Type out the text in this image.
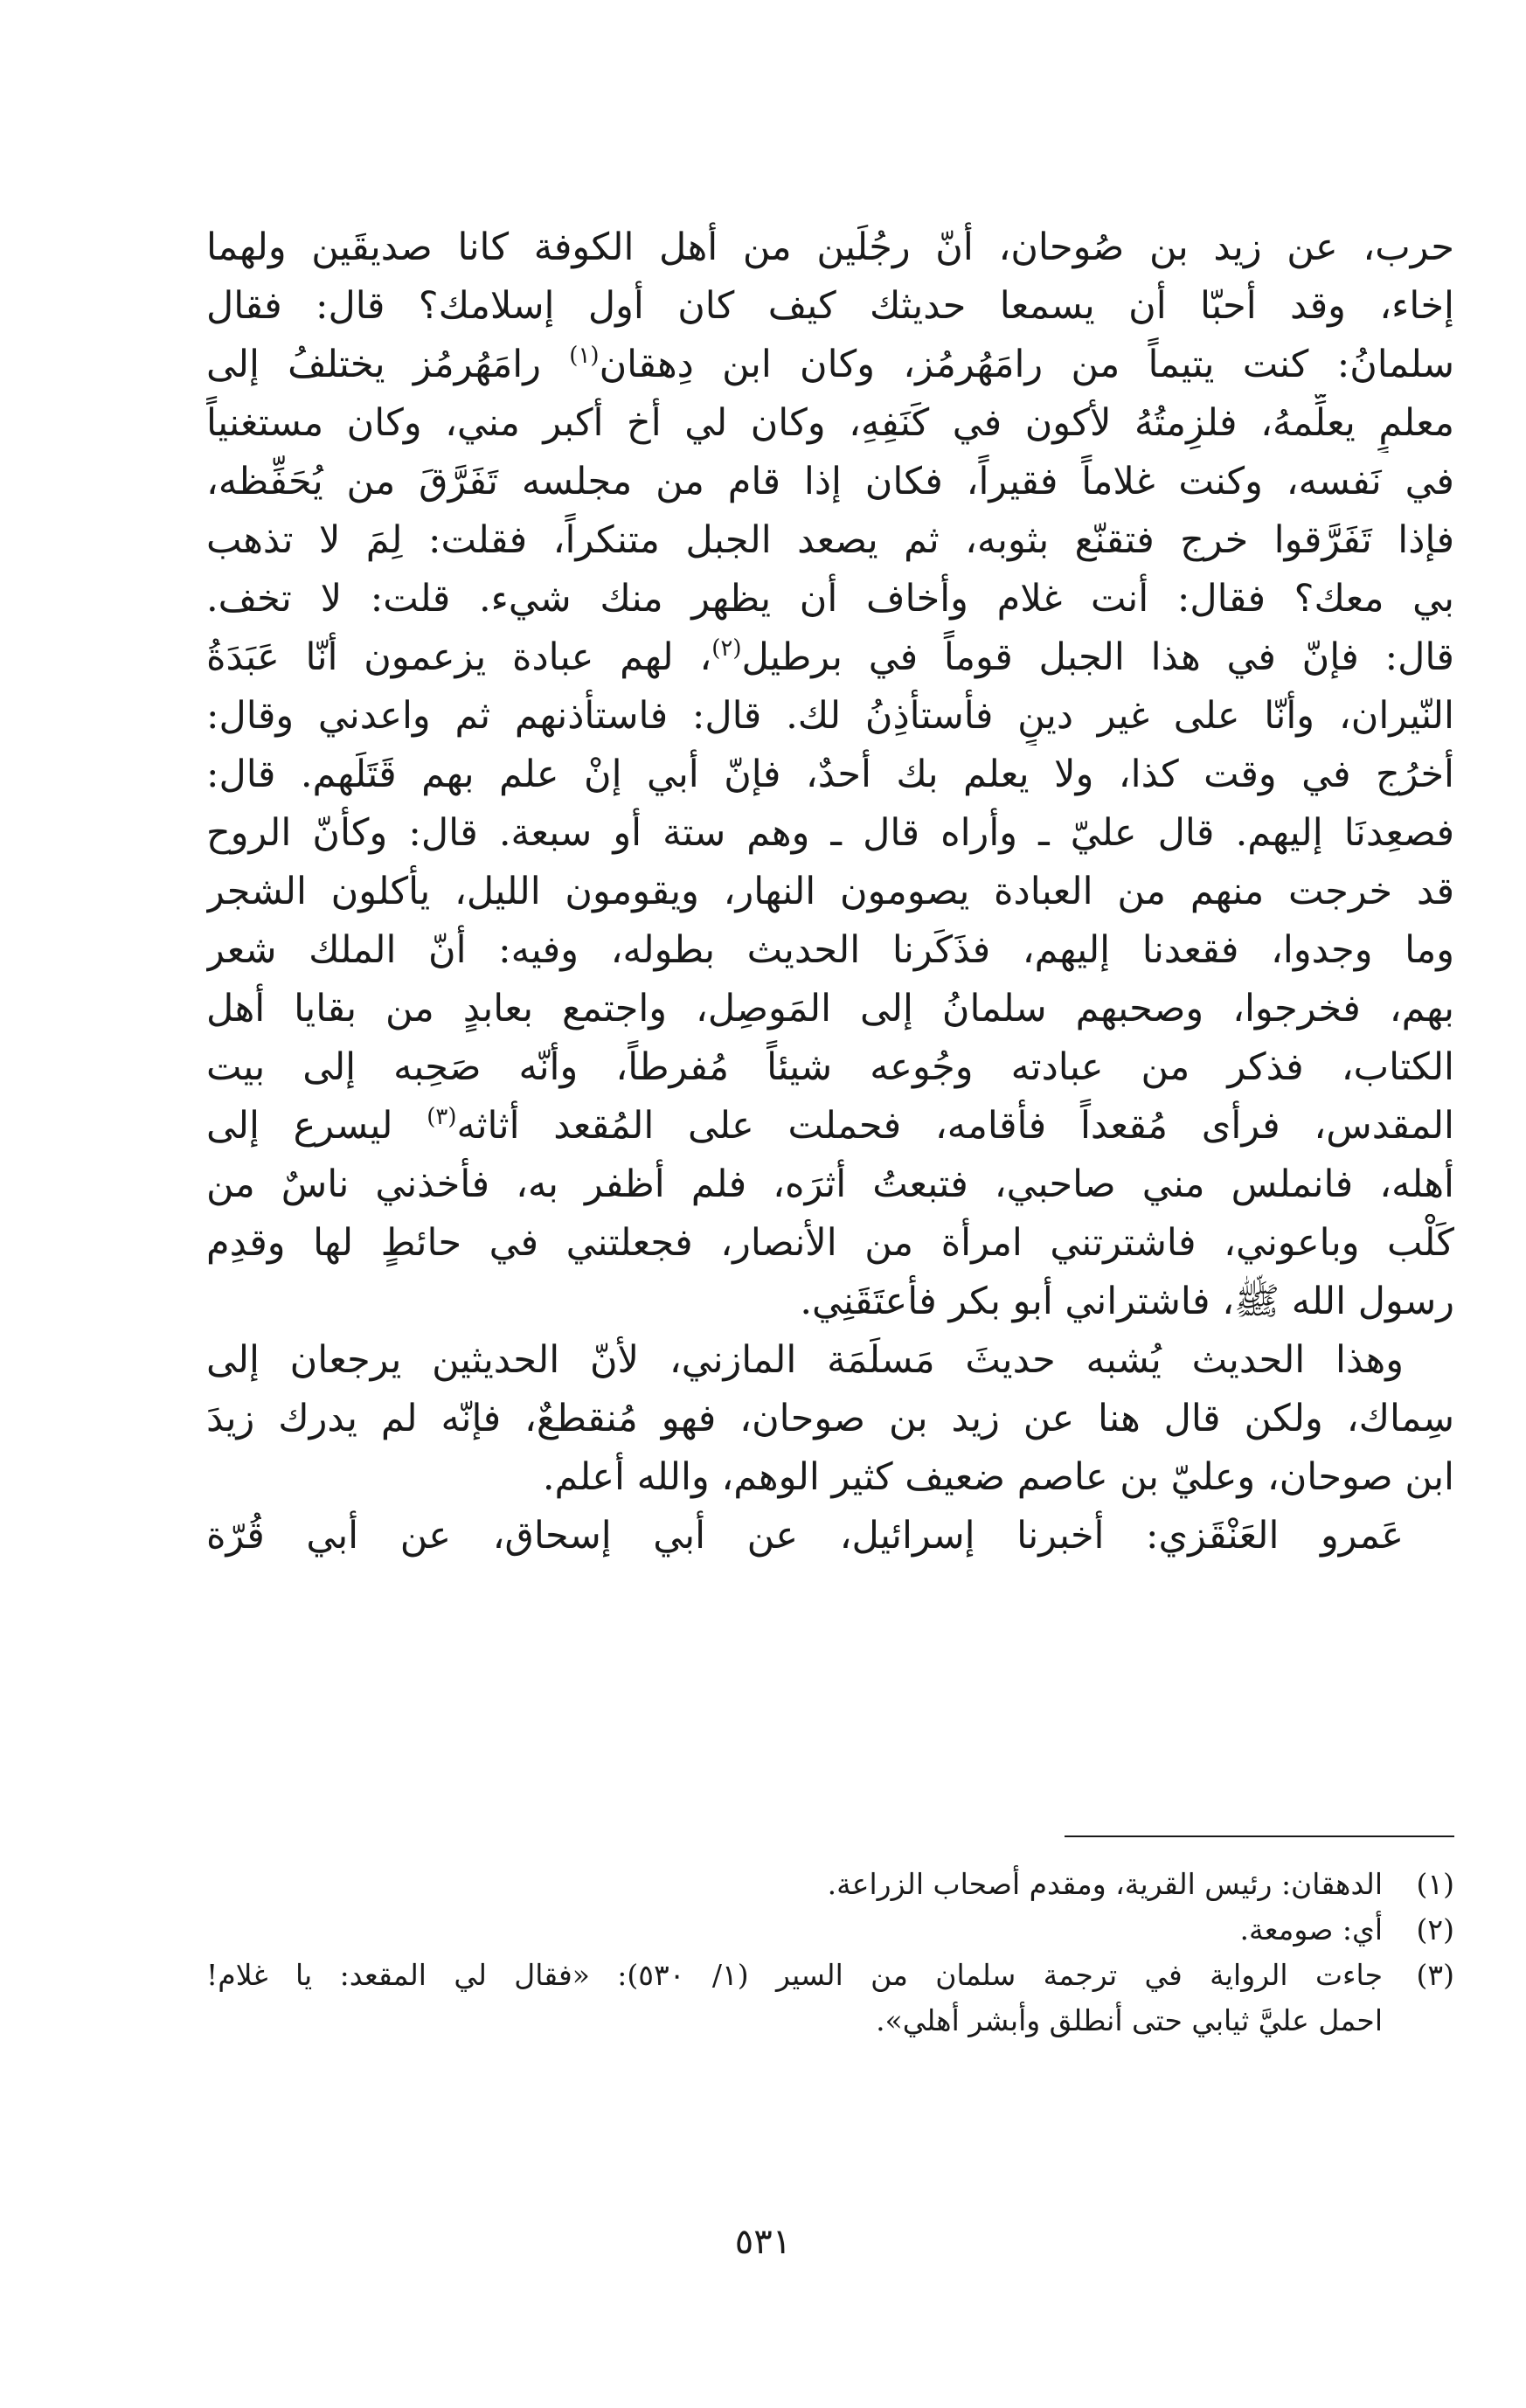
حرب، عن زيد بن صُوحان، أنّ رجُلَين من أهل الكوفة كانا صديقَين ولهما
إخاء، وقد أحبّا أن يسمعا حديثك كيف كان أول إسلامك؟ قال: فقال
سلمانُ: كنت يتيماً من رامَهُرمُز، وكان ابن دِهقان$^{(١)}$ رامَهُرمُز يختلفُ إلى
معلمٍ يعلِّمهُ، فلزِمتُهُ لأكون في كَنَفِهِ، وكان لي أخ أكبر مني، وكان مستغنياً
في نَفسه، وكنت غلاماً فقيراً، فكان إذا قام من مجلسه تَفَرَّقَ من يُحَفِّظه،
فإذا تَفَرَّقوا خرج فتقنّع بثوبه، ثم يصعد الجبل متنكراً، فقلت: لِمَ لا تذهب
بي معك؟ فقال: أنت غلام وأخاف أن يظهر منك شيء. قلت: لا تخف.
قال: فإنّ في هذا الجبل قوماً في برطيل$^{(٢)}$، لهم عبادة يزعمون أنّا عَبَدَةُ
النّيران، وأنّا على غير دينٍ فأستأذِنُ لك. قال: فاستأذنهم ثم واعدني وقال:
أخرُج في وقت كذا، ولا يعلم بك أحدٌ، فإنّ أبي إنْ علم بهم قَتَلَهم. قال:
فصعِدنَا إليهم. قال عليّ ـ وأراه قال ـ وهم ستة أو سبعة. قال: وكأنّ الروح
قد خرجت منهم من العبادة يصومون النهار، ويقومون الليل، يأكلون الشجر
وما وجدوا، فقعدنا إليهم، فذَكَرنا الحديث بطوله، وفيه: أنّ الملك شعر
بهم، فخرجوا، وصحبهم سلمانُ إلى المَوصِل، واجتمع بعابدٍ من بقايا أهل
الكتاب، فذكر من عبادته وجُوعه شيئاً مُفرطاً، وأنّه صَحِبه إلى بيت
المقدس، فرأى مُقعداً فأقامه، فحملت على المُقعد أثاثه$^{(٣)}$ ليسرع إلى
أهله، فانملس مني صاحبي، فتبعتُ أثرَه، فلم أظفر به، فأخذني ناسٌ من
كَلْب وباعوني، فاشترتني امرأة من الأنصار، فجعلتني في حائطٍ لها وقدِم
رسول الله ﷺ، فاشتراني أبو بكر فأعتَقَنِي.
وهذا الحديث يُشبه حديثَ مَسلَمَة المازني، لأنّ الحديثين يرجعان إلى
سِماك، ولكن قال هنا عن زيد بن صوحان، فهو مُنقطعٌ، فإنّه لم يدرك زيدَ
ابن صوحان، وعليّ بن عاصم ضعيف كثير الوهم، والله أعلم.
عَمرو العَنْقَزي: أخبرنا إسرائيل، عن أبي إسحاق، عن أبي قُرّة
(١)
الدهقان: رئيس القرية، ومقدم أصحاب الزراعة.
(٢)
أي: صومعة.
(٣)
جاءت الرواية في ترجمة سلمان من السير (١/ ٥٣٠): «فقال لي المقعد: يا غلام!
احمل عليَّ ثيابي حتى أنطلق وأبشر أهلي».
٥٣١
